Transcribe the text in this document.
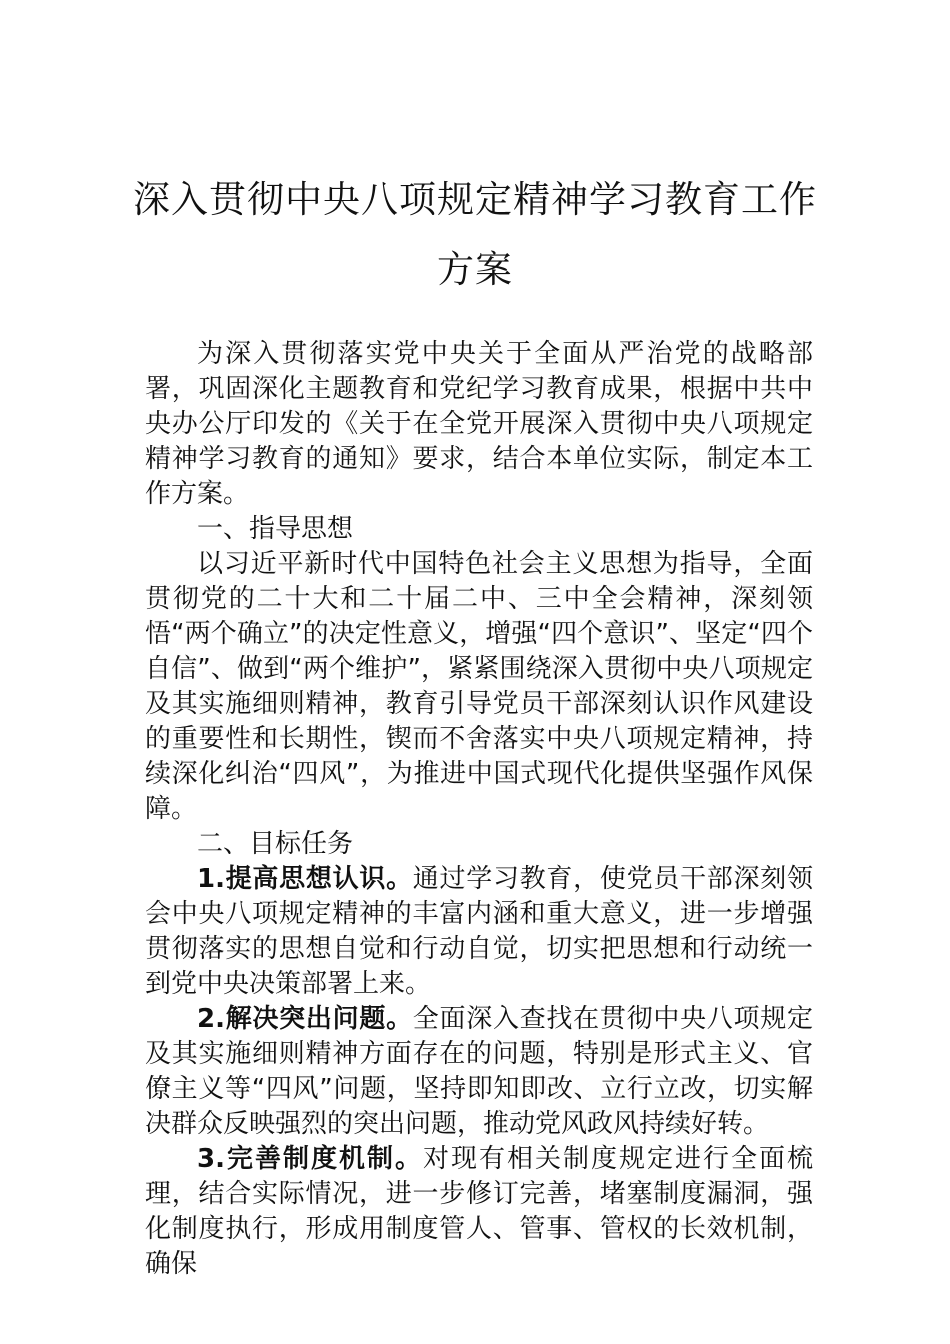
深入贯彻中央八项规定精神学习教育工作
方案

为深入贯彻落实党中央关于全面从严治党的战略部署，巩固深化主题教育和党纪学习教育成果，根据中共中央办公厅印发的《关于在全党开展深入贯彻中央八项规定精神学习教育的通知》要求，结合本单位实际，制定本工作方案。

一、指导思想

以习近平新时代中国特色社会主义思想为指导，全面贯彻党的二十大和二十届二中、三中全会精神，深刻领悟“两个确立”的决定性意义，增强“四个意识”、坚定“四个自信”、做到“两个维护”，紧紧围绕深入贯彻中央八项规定及其实施细则精神，教育引导党员干部深刻认识作风建设的重要性和长期性，锲而不舍落实中央八项规定精神，持续深化纠治“四风”，为推进中国式现代化提供坚强作风保障。

二、目标任务

1.提高思想认识。通过学习教育，使党员干部深刻领会中央八项规定精神的丰富内涵和重大意义，进一步增强贯彻落实的思想自觉和行动自觉，切实把思想和行动统一到党中央决策部署上来。

2.解决突出问题。全面深入查找在贯彻中央八项规定及其实施细则精神方面存在的问题，特别是形式主义、官僚主义等“四风”问题，坚持即知即改、立行立改，切实解决群众反映强烈的突出问题，推动党风政风持续好转。

3.完善制度机制。对现有相关制度规定进行全面梳理，结合实际情况，进一步修订完善，堵塞制度漏洞，强化制度执行，形成用制度管人、管事、管权的长效机制，确保
